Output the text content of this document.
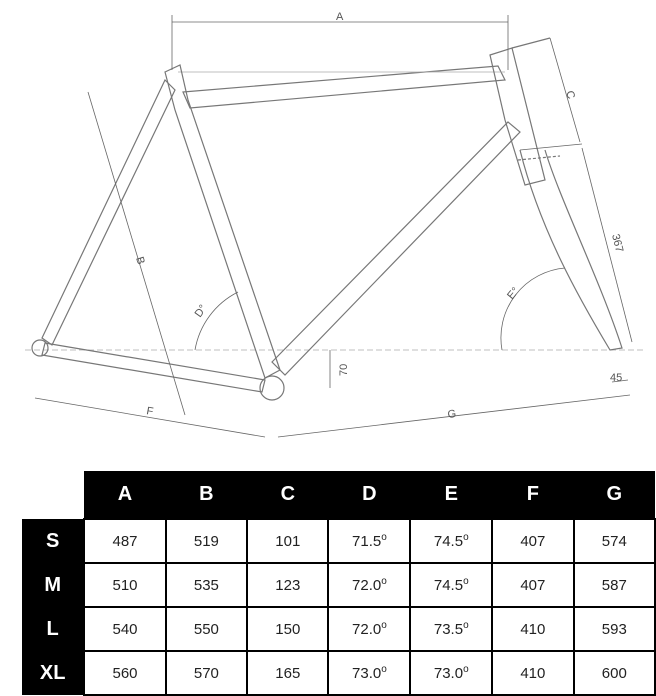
A
B
C
D°
E°
F	G
70
367
45
	A	B	C	D	E	F	G
S	487	519	101	71.5$^o$	74.5$^o$	407	574
M	510	535	123	72.0$^o$	74.5$^o$	407	587
L	540	550	150	72.0$^o$	73.5$^o$	410	593
XL	560	570	165	73.0$^o$	73.0$^o$	410	600
